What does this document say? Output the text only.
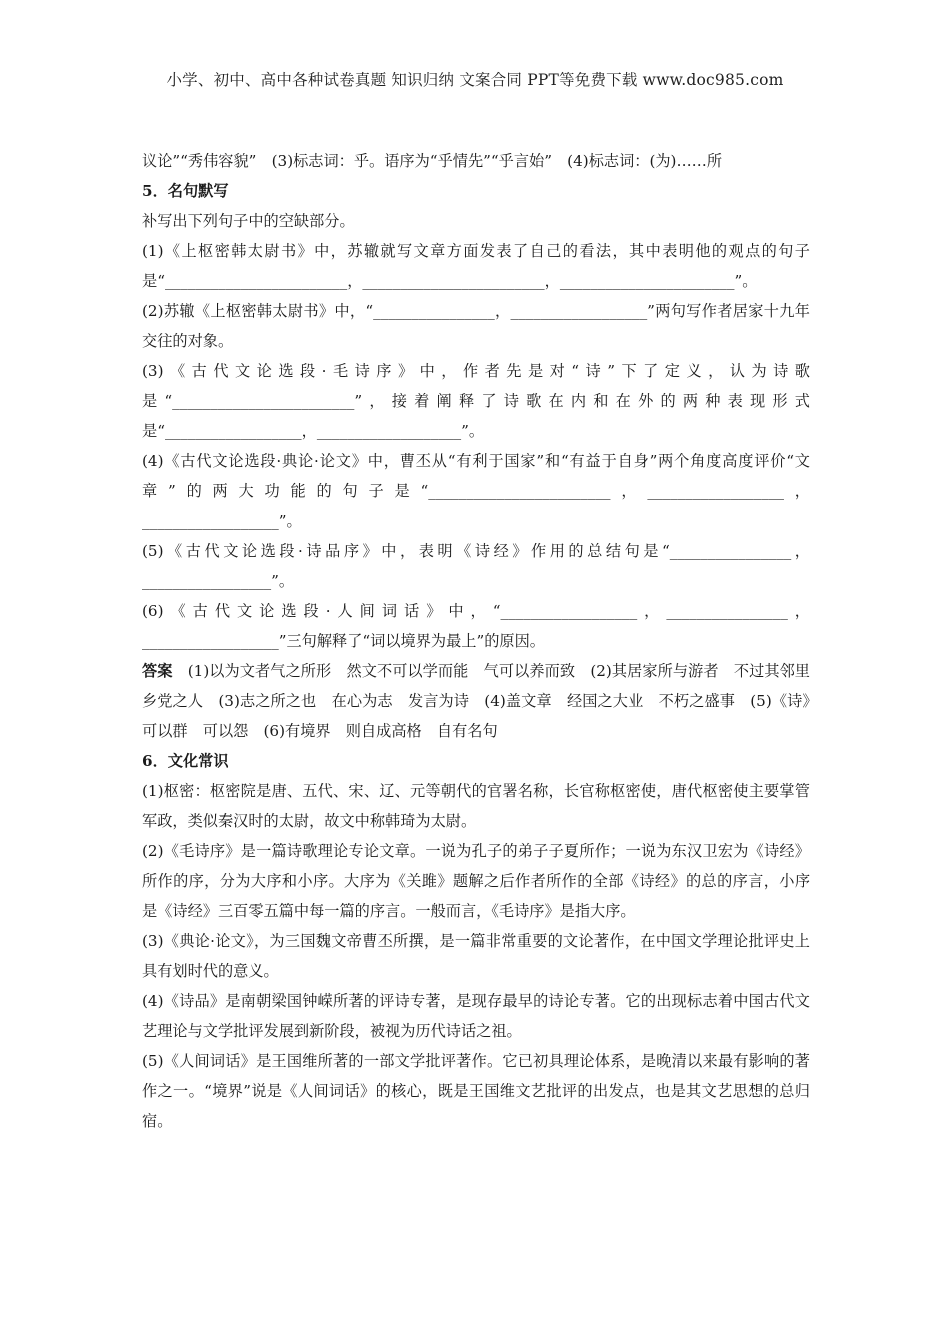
小学、初中、高中各种试卷真题 知识归纳 文案合同 PPT等免费下载 www.doc985.com

议论”“秀伟容貌”　(3)标志词：乎。语序为“乎情先”“乎言始”　(4)标志词：(为)……所

5．名句默写

补写出下列句子中的空缺部分。

(1)《上枢密韩太尉书》中，苏辙就写文章方面发表了自己的看法，其中表明他的观点的句子是“________________________，________________________，_______________________”。

(2)苏辙《上枢密韩太尉书》中，“________________，__________________”两句写作者居家十九年交往的对象。

(3)《古代文论选段·毛诗序》中，作者先是对“诗”下了定义，认为诗歌是“________________________”，接着阐释了诗歌在内和在外的两种表现形式是“__________________，___________________”。

(4)《古代文论选段·典论·论文》中，曹丕从“有利于国家”和“有益于自身”两个角度高度评价“文章”的两大功能的句子是“________________________，__________________，__________________”。

(5)《古代文论选段·诗品序》中，表明《诗经》作用的总结句是“________________，_________________”。

(6)《古代文论选段·人间词话》中，“__________________，________________，__________________”三句解释了“词以境界为最上”的原因。

答案　(1)以为文者气之所形　然文不可以学而能　气可以养而致　(2)其居家所与游者　不过其邻里乡党之人　(3)志之所之也　在心为志　发言为诗　(4)盖文章　经国之大业　不朽之盛事　(5)《诗》可以群　可以怨　(6)有境界　则自成高格　自有名句

6．文化常识

(1)枢密：枢密院是唐、五代、宋、辽、元等朝代的官署名称，长官称枢密使，唐代枢密使主要掌管军政，类似秦汉时的太尉，故文中称韩琦为太尉。

(2)《毛诗序》是一篇诗歌理论专论文章。一说为孔子的弟子子夏所作；一说为东汉卫宏为《诗经》所作的序，分为大序和小序。大序为《关雎》题解之后作者所作的全部《诗经》的总的序言，小序是《诗经》三百零五篇中每一篇的序言。一般而言，《毛诗序》是指大序。

(3)《典论·论文》，为三国魏文帝曹丕所撰，是一篇非常重要的文论著作，在中国文学理论批评史上具有划时代的意义。

(4)《诗品》是南朝梁国钟嵘所著的评诗专著，是现存最早的诗论专著。它的出现标志着中国古代文艺理论与文学批评发展到新阶段，被视为历代诗话之祖。

(5)《人间词话》是王国维所著的一部文学批评著作。它已初具理论体系，是晚清以来最有影响的著作之一。“境界”说是《人间词话》的核心，既是王国维文艺批评的出发点，也是其文艺思想的总归宿。
